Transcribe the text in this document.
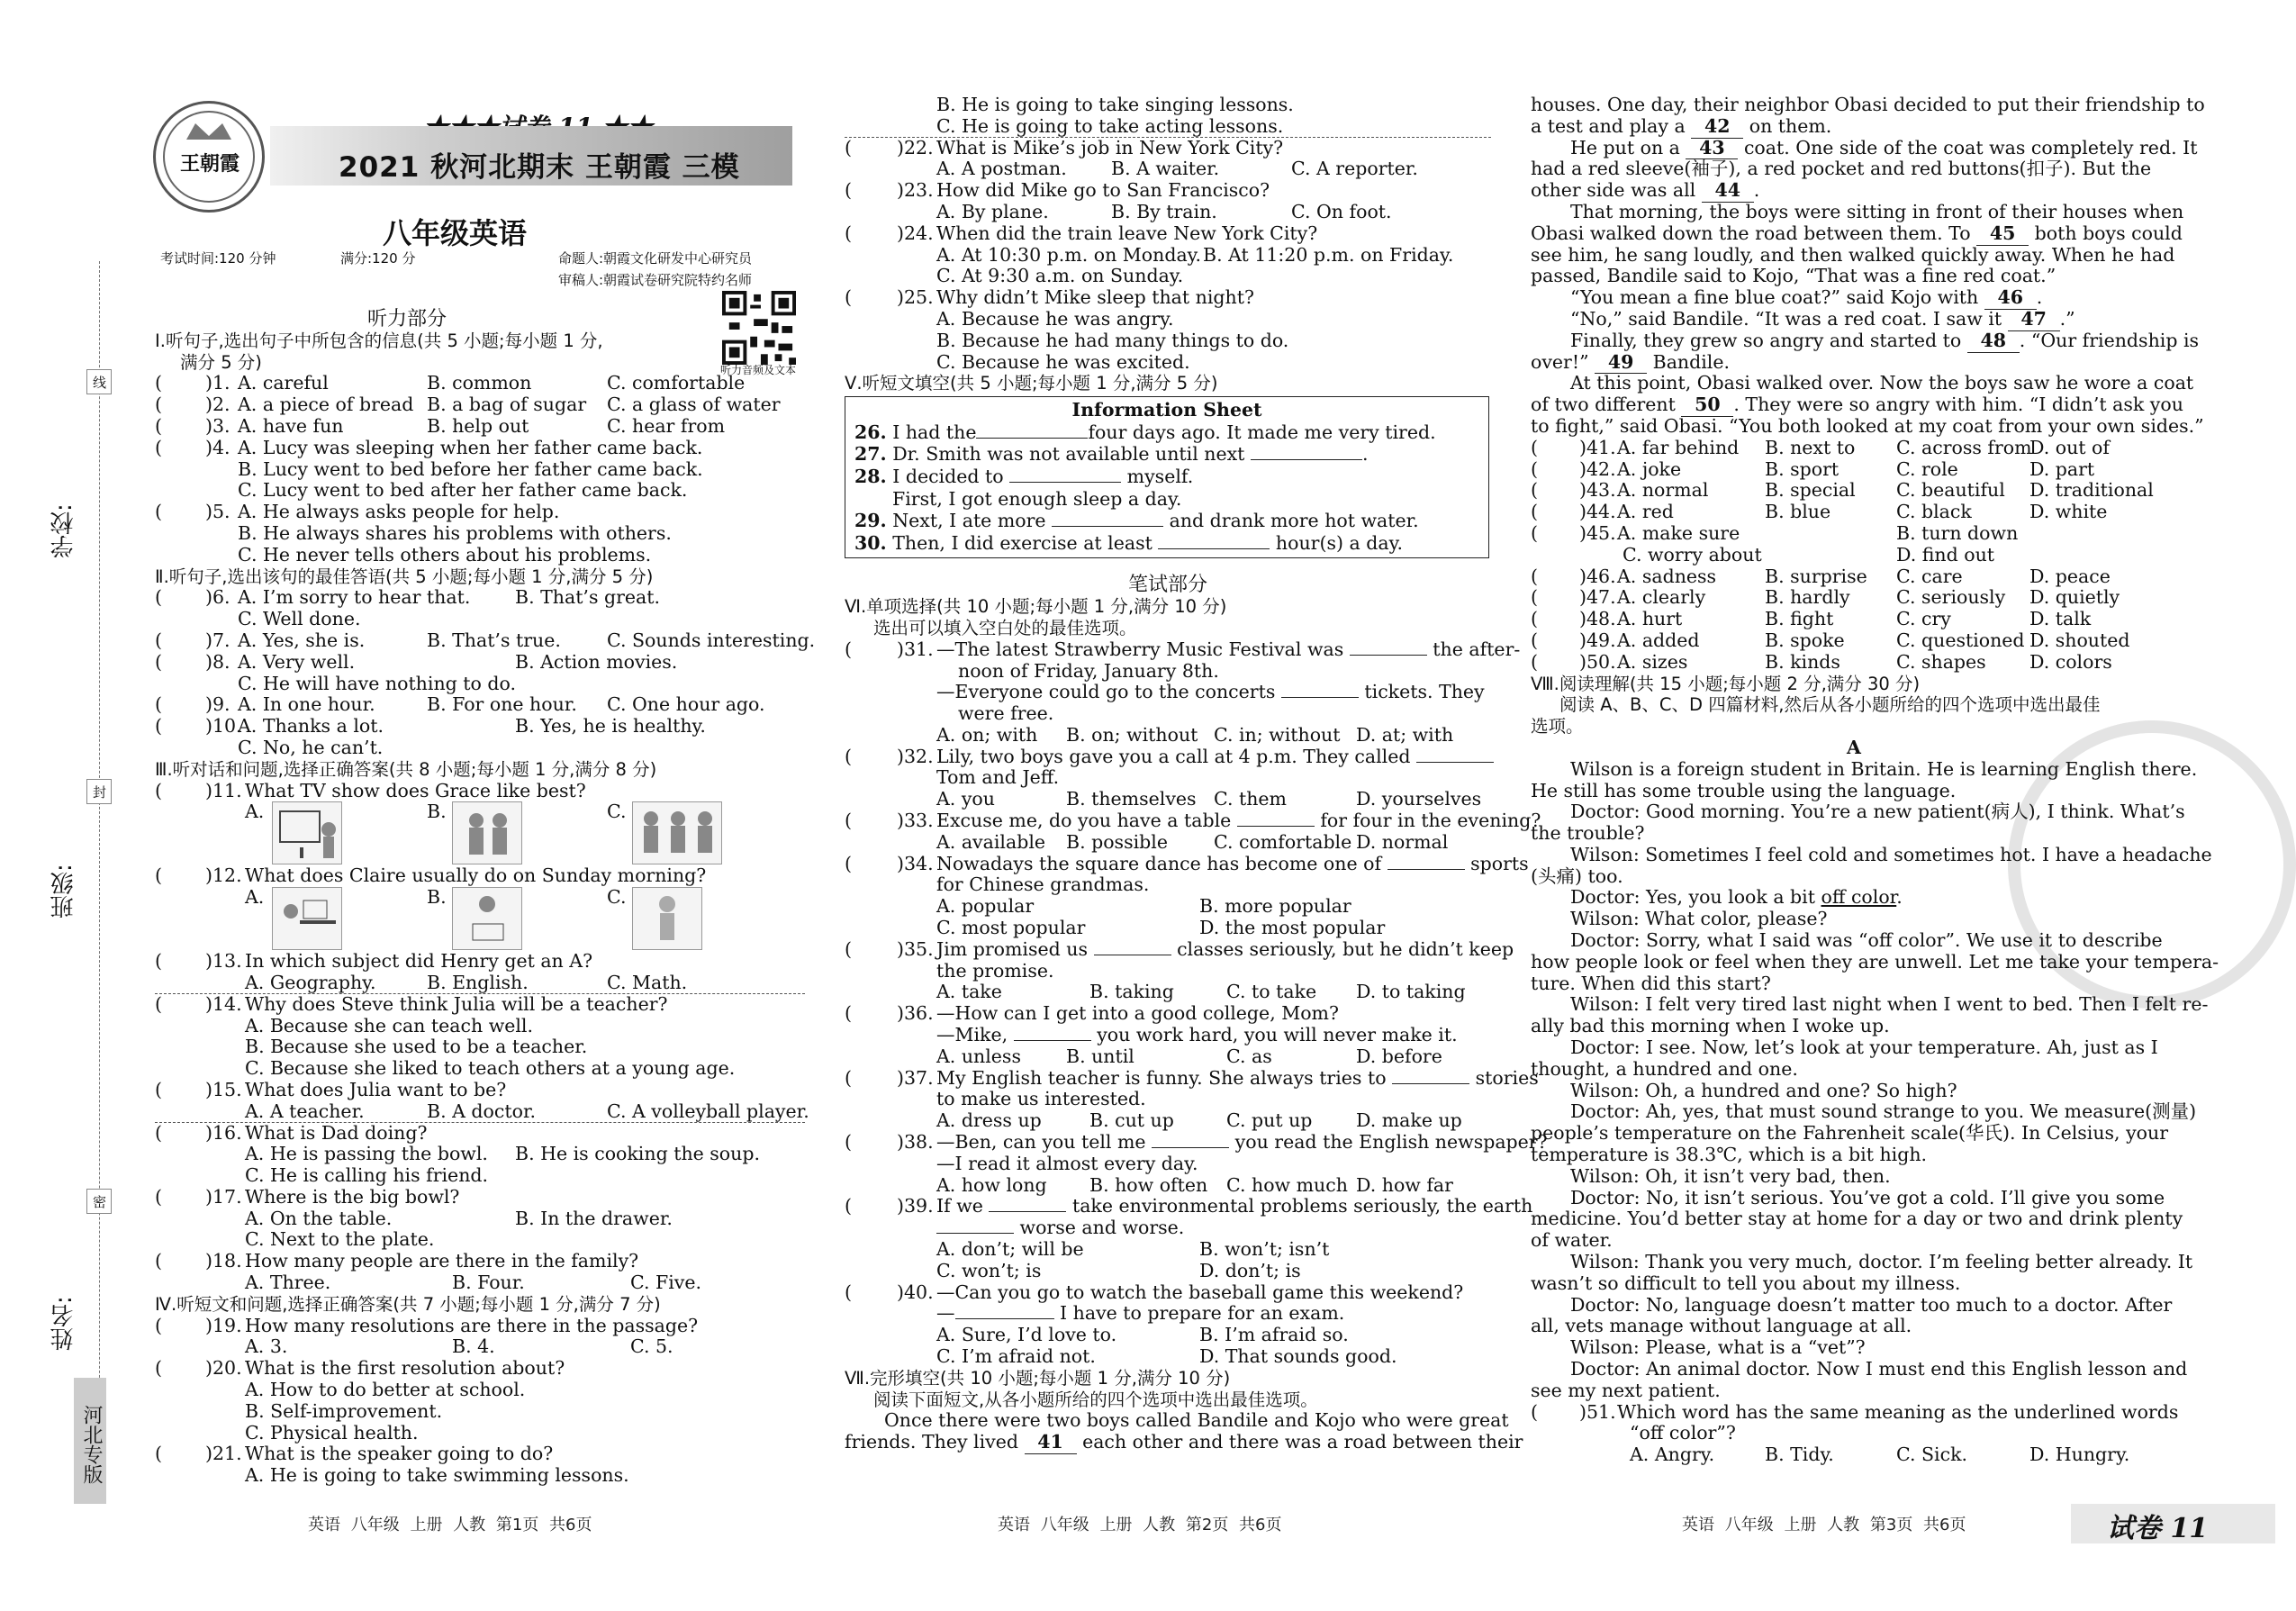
学校:
班级:
姓名:
线
封
密
河北专版
王朝霞	2021 秋河北期末 王朝霞 三模
八年级英语
考试时间:120 分钟	满分:120 分	命题人:朝霞文化研发中心研究员
审稿人:朝霞试卷研究院特约名师
听力音频及文本
听力部分
Ⅰ.听句子,选出句子中所包含的信息(共 5 小题;每小题 1 分,
满分 5 分)
( )1. A. careful	B. common	C. comfortable
( )2. A. a piece of bread B. a bag of sugar C. a glass of water
( )3. A. have fun	B. help out	C. hear from
( )4. A. Lucy was sleeping when her father came back.
B. Lucy went to bed before her father came back.
C. Lucy went to bed after her father came back.
( )5. A. He always asks people for help.
B. He always shares his problems with others.
C. He never tells others about his problems.
Ⅱ.听句子,选出该句的最佳答语(共 5 小题;每小题 1 分,满分 5 分)
( )6. A. I’m sorry to hear that. B. That’s great.
C. Well done.
( )7. A. Yes, she is.	B. That’s true. C. Sounds interesting.
( )8. A. Very well.	B. Action movies.
C. He will have nothing to do.
( )9. A. In one hour.	B. For one hour. C. One hour ago.
( )10.
A. Thanks a lot.	B. Yes, he is healthy.
C. No, he can’t.
Ⅲ.听对话和问题,选择正确答案(共 8 小题;每小题 1 分,满分 8 分)
( )11. What TV show does Grace like best?
A.	B.	C.
( )12. What does Claire usually do on Sunday morning?
A.	B.	C.
( )13. In which subject did Henry get an A?
A. Geography.	B. English.	C. Math.
( )14. Why does Steve think Julia will be a teacher?
A. Because she can teach well.
B. Because she used to be a teacher.
C. Because she liked to teach others at a young age.
( )15. What does Julia want to be?
A. A teacher.	B. A doctor.	C. A volleyball player.
( )16. What is Dad doing?
A. He is passing the bowl. B. He is cooking the soup.
C. He is calling his friend.
( )17. Where is the big bowl?
A. On the table.	B. In the drawer.
C. Next to the plate.
( )18. How many people are there in the family?
A. Three.	B. Four.	C. Five.
Ⅳ.听短文和问题,选择正确答案(共 7 小题;每小题 1 分,满分 7 分)
( )19. How many resolutions are there in the passage?
A. 3.	B. 4.	C. 5.
( )20. What is the first resolution about?
A. How to do better at school.
B. Self-improvement.
C. Physical health.
( )21. What is the speaker going to do?
A. He is going to take swimming lessons.
B. He is going to take singing lessons.
C. He is going to take acting lessons.
( )22. What is Mike’s job in New York City?
A. A postman. B. A waiter.	C. A reporter.
( )23. How did Mike go to San Francisco?
A. By plane.	B. By train.	C. On foot.
( )24. When did the train leave New York City?
A. At 10:30 p.m. on Monday. B. At 11:20 p.m. on Friday.
C. At 9:30 a.m. on Sunday.
( )25. Why didn’t Mike sleep that night?
A. Because he was angry.
B. Because he had many things to do.
C. Because he was excited.
Ⅴ.听短文填空(共 5 小题;每小题 1 分,满分 5 分)
Information Sheet
26. I had the	four days ago. It made me very tired.
27. Dr. Smith was not available until next	.
28. I decided to	myself.
First, I got enough sleep a day.
29. Next, I ate more	and drank more hot water.
30. Then, I did exercise at least	hour(s) a day.
笔试部分
Ⅵ.单项选择(共 10 小题;每小题 1 分,满分 10 分)
选出可以填入空白处的最佳选项。
( )31. —The latest Strawberry Music Festival was	the after-
noon of Friday, January 8th.
—Everyone could go to the concerts	tickets. They
were free.
A. on; with B. on; without C. in; without D. at; with
( )32. Lily, two boys gave you a call at 4 p.m. They called
Tom and Jeff.
A. you	B. themselves C. them	D. yourselves
( )33. Excuse me, do you have a table	for four in the evening?
A. available B. possible C. comfortable D. normal
( )34. Nowadays the square dance has become one of	sports
for Chinese grandmas.
A. popular	B. more popular
C. most popular	D. the most popular
( )35. Jim promised us	classes seriously, but he didn’t keep
the promise.
A. take	B. taking	C. to take D. to taking
( )36. —How can I get into a good college, Mom?
—Mike,	you work hard, you will never make it.
A. unless B. until	C. as	D. before
( )37. My English teacher is funny. She always tries to	stories
to make us interested.
A. dress up	B. cut up	C. put up D. make up
( )38. —Ben, can you tell me	you read the English newspaper?
—I read it almost every day.
A. how long B. how often C. how much D. how far
( )39. If we	take environmental problems seriously, the earth
worse and worse.
A. don’t; will be	B. won’t; isn’t
C. won’t; is	D. don’t; is
( )40. —Can you go to watch the baseball game this weekend?
—	I have to prepare for an exam.
A. Sure, I’d love to.	B. I’m afraid so.
C. I’m afraid not.	D. That sounds good.
Ⅶ.完形填空(共 10 小题;每小题 1 分,满分 10 分)
阅读下面短文,从各小题所给的四个选项中选出最佳选项。
Once there were two boys called Bandile and Kojo who were great
friends. They lived 41 each other and there was a road between their
houses. One day, their neighbor Obasi decided to put their friendship to
a test and play a 42 on them.
He put on a 43 coat. One side of the coat was completely red. It
had a red sleeve(袖子), a red pocket and red buttons(扣子). But the
other side was all 44 .
That morning, the boys were sitting in front of their houses when
Obasi walked down the road between them. To 45 both boys could
see him, he sang loudly, and then walked quickly away. When he had
passed, Bandile said to Kojo, “That was a fine red coat.”
“You mean a fine blue coat?” said Kojo with 46 .
“No,” said Bandile. “It was a red coat. I saw it 47 .”
Finally, they grew so angry and started to 48 . “Our friendship is
over!” 49 Bandile.
At this point, Obasi walked over. Now the boys saw he wore a coat
of two different 50 . They were so angry with him. “I didn’t ask you
to fight,” said Obasi. “You both looked at my coat from your own sides.”
( )41. A. far behind B. next to C. across from
D. out of
( )42. A. joke	B. sport	C. role	D. part
( )43. A. normal	B. special C. beautiful D. traditional
( )44. A. red	B. blue	C. black	D. white
( )45. A. make sure	B. turn down
C. worry about	D. find out
( )46. A. sadness	B. surprise C. care	D. peace
( )47. A. clearly	B. hardly	C. seriously D. quietly
( )48. A. hurt	B. fight	C. cry	D. talk
( )49. A. added	B. spoke	C. questioned D. shouted
( )50. A. sizes	B. kinds	C. shapes D. colors
Ⅷ.阅读理解(共 15 小题;每小题 2 分,满分 30 分)
阅读 A、B、C、D 四篇材料,然后从各小题所给的四个选项中选出最佳
选项。
A
Wilson is a foreign student in Britain. He is learning English there.
He still has some trouble using the language.
Doctor: Good morning. You’re a new patient(病人), I think. What’s
the trouble?
Wilson: Sometimes I feel cold and sometimes hot. I have a headache
(头痛) too.
Doctor: Yes, you look a bit off color.
Wilson: What color, please?
Doctor: Sorry, what I said was “off color”. We use it to describe
how people look or feel when they are unwell. Let me take your tempera-
ture. When did this start?
Wilson: I felt very tired last night when I went to bed. Then I felt re-
ally bad this morning when I woke up.
Doctor: I see. Now, let’s look at your temperature. Ah, just as I
thought, a hundred and one.
Wilson: Oh, a hundred and one? So high?
Doctor: Ah, yes, that must sound strange to you. We measure(测量)
people’s temperature on the Fahrenheit scale(华氏). In Celsius, your
temperature is 38.3℃, which is a bit high.
Wilson: Oh, it isn’t very bad, then.
Doctor: No, it isn’t serious. You’ve got a cold. I’ll give you some
medicine. You’d better stay at home for a day or two and drink plenty
of water.
Wilson: Thank you very much, doctor. I’m feeling better already. It
wasn’t so difficult to tell you about my illness.
Doctor: No, language doesn’t matter too much to a doctor. After
all, vets manage without language at all.
Wilson: Please, what is a “vet”?
Doctor: An animal doctor. Now I must end this English lesson and
see my next patient.
( )51. Which word has the same meaning as the underlined words
“off color”?
A. Angry.	B. Tidy.	C. Sick.	D. Hungry.
英语 八年级 上册 人教 第1页 共6页	英语 八年级 上册 人教 第2页 共6页	英语 八年级 上册 人教 第3页 共6页	试卷 11
